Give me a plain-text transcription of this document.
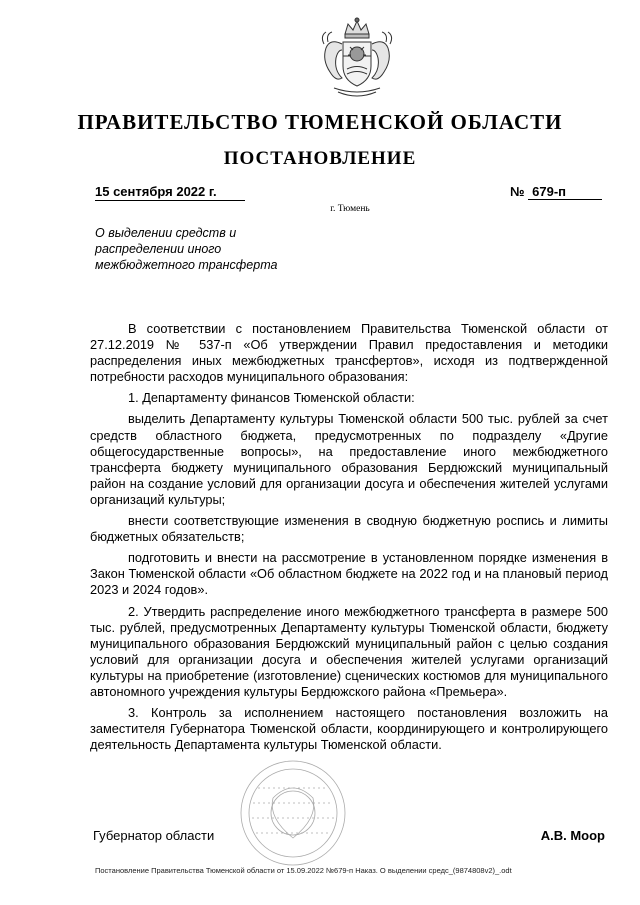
ПРАВИТЕЛЬСТВО ТЮМЕНСКОЙ ОБЛАСТИ
ПОСТАНОВЛЕНИЕ
15 сентября 2022 г.	№ 679-п
г. Тюмень
О выделении средств и
распределении иного
межбюджетного трансферта

В соответствии с постановлением Правительства Тюменской области от 27.12.2019 № 537-п «Об утверждении Правил предоставления и методики распределения иных межбюджетных трансфертов», исходя из подтвержденной потребности расходов муниципального образования:

1. Департаменту финансов Тюменской области:

выделить Департаменту культуры Тюменской области 500 тыс. рублей за счет средств областного бюджета, предусмотренных по подразделу «Другие общегосударственные вопросы», на предоставление иного межбюджетного трансферта бюджету муниципального образования Бердюжский муниципальный район на создание условий для организации досуга и обеспечения жителей услугами организаций культуры;

внести соответствующие изменения в сводную бюджетную роспись и лимиты бюджетных обязательств;

подготовить и внести на рассмотрение в установленном порядке изменения в Закон Тюменской области «Об областном бюджете на 2022 год и на плановый период 2023 и 2024 годов».

2. Утвердить распределение иного межбюджетного трансферта в размере 500 тыс. рублей, предусмотренных Департаменту культуры Тюменской области, бюджету муниципального образования Бердюжский муниципальный район с целью создания условий для организации досуга и обеспечения жителей услугами организаций культуры на приобретение (изготовление) сценических костюмов для муниципального автономного учреждения культуры Бердюжского района «Премьера».

3. Контроль за исполнением настоящего постановления возложить на заместителя Губернатора Тюменской области, координирующего и контролирующего деятельность Департамента культуры Тюменской области.

Губернатор области	А.В. Моор
Постановление Правительства Тюменской области от 15.09.2022 №679-п Наказ. О выделении средс_(9874808v2)_.odt
